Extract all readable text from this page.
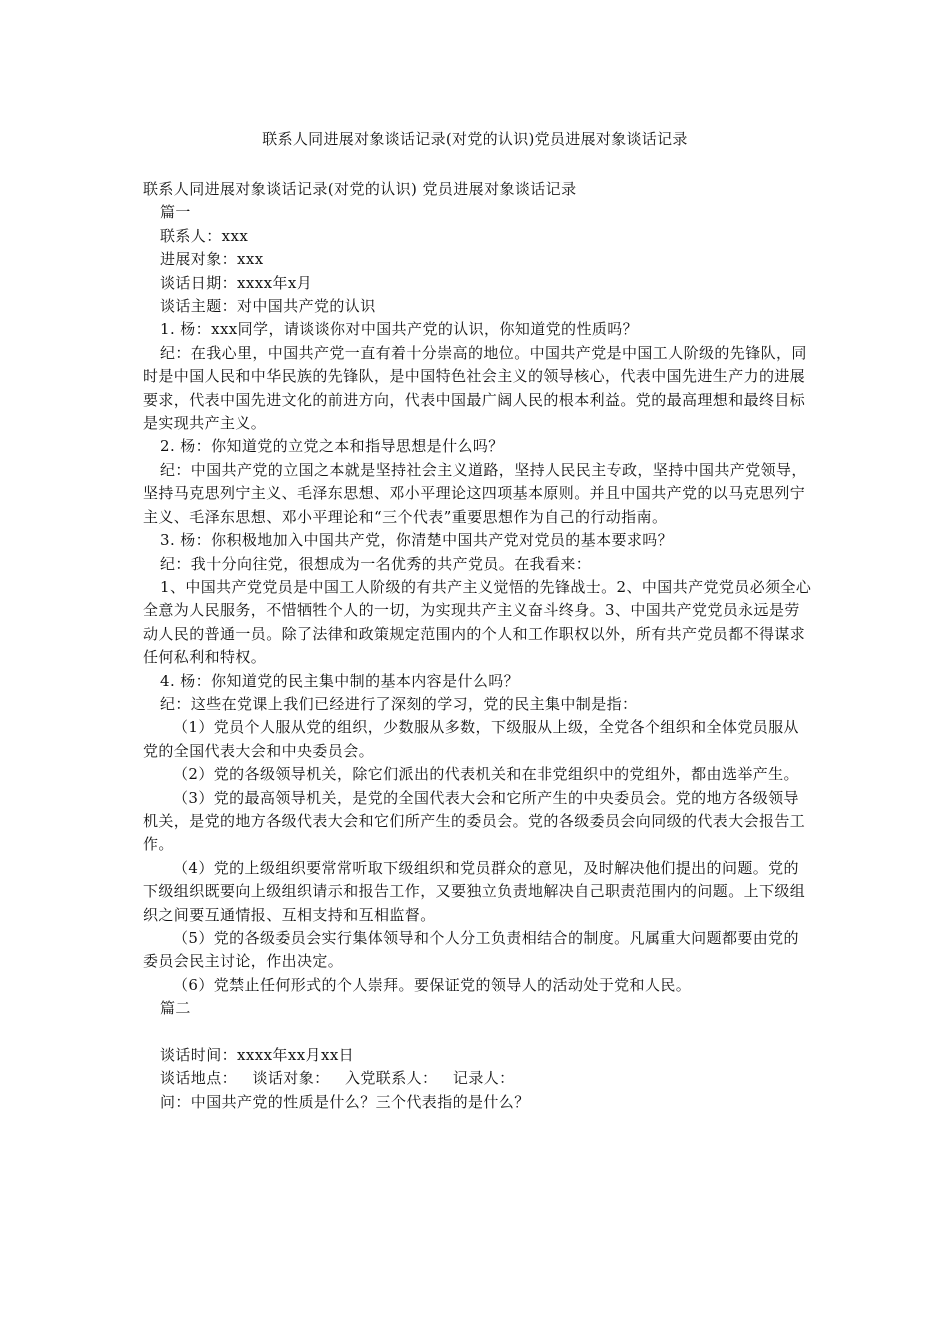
联系人同进展对象谈话记录(对党的认识)党员进展对象谈话记录

联系人同进展对象谈话记录(对党的认识) 党员进展对象谈话记录

篇一

联系人：xxx

进展对象：xxx

谈话日期：xxxx年x月

谈话主题：对中国共产党的认识

1. 杨：xxx同学，请谈谈你对中国共产党的认识，你知道党的性质吗？

纪：在我心里，中国共产党一直有着十分崇高的地位。中国共产党是中国工人阶级的先锋队，同时是中国人民和中华民族的先锋队，是中国特色社会主义的领导核心，代表中国先进生产力的进展要求，代表中国先进文化的前进方向，代表中国最广阔人民的根本利益。党的最高理想和最终目标是实现共产主义。

2. 杨：你知道党的立党之本和指导思想是什么吗？

纪：中国共产党的立国之本就是坚持社会主义道路，坚持人民民主专政，坚持中国共产党领导，坚持马克思列宁主义、毛泽东思想、邓小平理论这四项基本原则。并且中国共产党的以马克思列宁主义、毛泽东思想、邓小平理论和“三个代表”重要思想作为自己的行动指南。

3. 杨：你积极地加入中国共产党，你清楚中国共产党对党员的基本要求吗？

纪：我十分向往党，很想成为一名优秀的共产党员。在我看来：

1、中国共产党党员是中国工人阶级的有共产主义觉悟的先锋战士。2、中国共产党党员必须全心全意为人民服务，不惜牺牲个人的一切，为实现共产主义奋斗终身。3、中国共产党党员永远是劳动人民的普通一员。除了法律和政策规定范围内的个人和工作职权以外，所有共产党员都不得谋求任何私利和特权。

4. 杨：你知道党的民主集中制的基本内容是什么吗？

纪：这些在党课上我们已经进行了深刻的学习，党的民主集中制是指：

（1）党员个人服从党的组织，少数服从多数，下级服从上级，全党各个组织和全体党员服从党的全国代表大会和中央委员会。

（2）党的各级领导机关，除它们派出的代表机关和在非党组织中的党组外，都由选举产生。

（3）党的最高领导机关，是党的全国代表大会和它所产生的中央委员会。党的地方各级领导机关，是党的地方各级代表大会和它们所产生的委员会。党的各级委员会向同级的代表大会报告工作。

（4）党的上级组织要常常听取下级组织和党员群众的意见，及时解决他们提出的问题。党的下级组织既要向上级组织请示和报告工作，又要独立负责地解决自己职责范围内的问题。上下级组织之间要互通情报、互相支持和互相监督。

（5）党的各级委员会实行集体领导和个人分工负责相结合的制度。凡属重大问题都要由党的委员会民主讨论，作出决定。

（6）党禁止任何形式的个人崇拜。要保证党的领导人的活动处于党和人民。

篇二

谈话时间：xxxx年xx月xx日

谈话地点：   谈话对象：   入党联系人：   记录人：

问：中国共产党的性质是什么？三个代表指的是什么？
